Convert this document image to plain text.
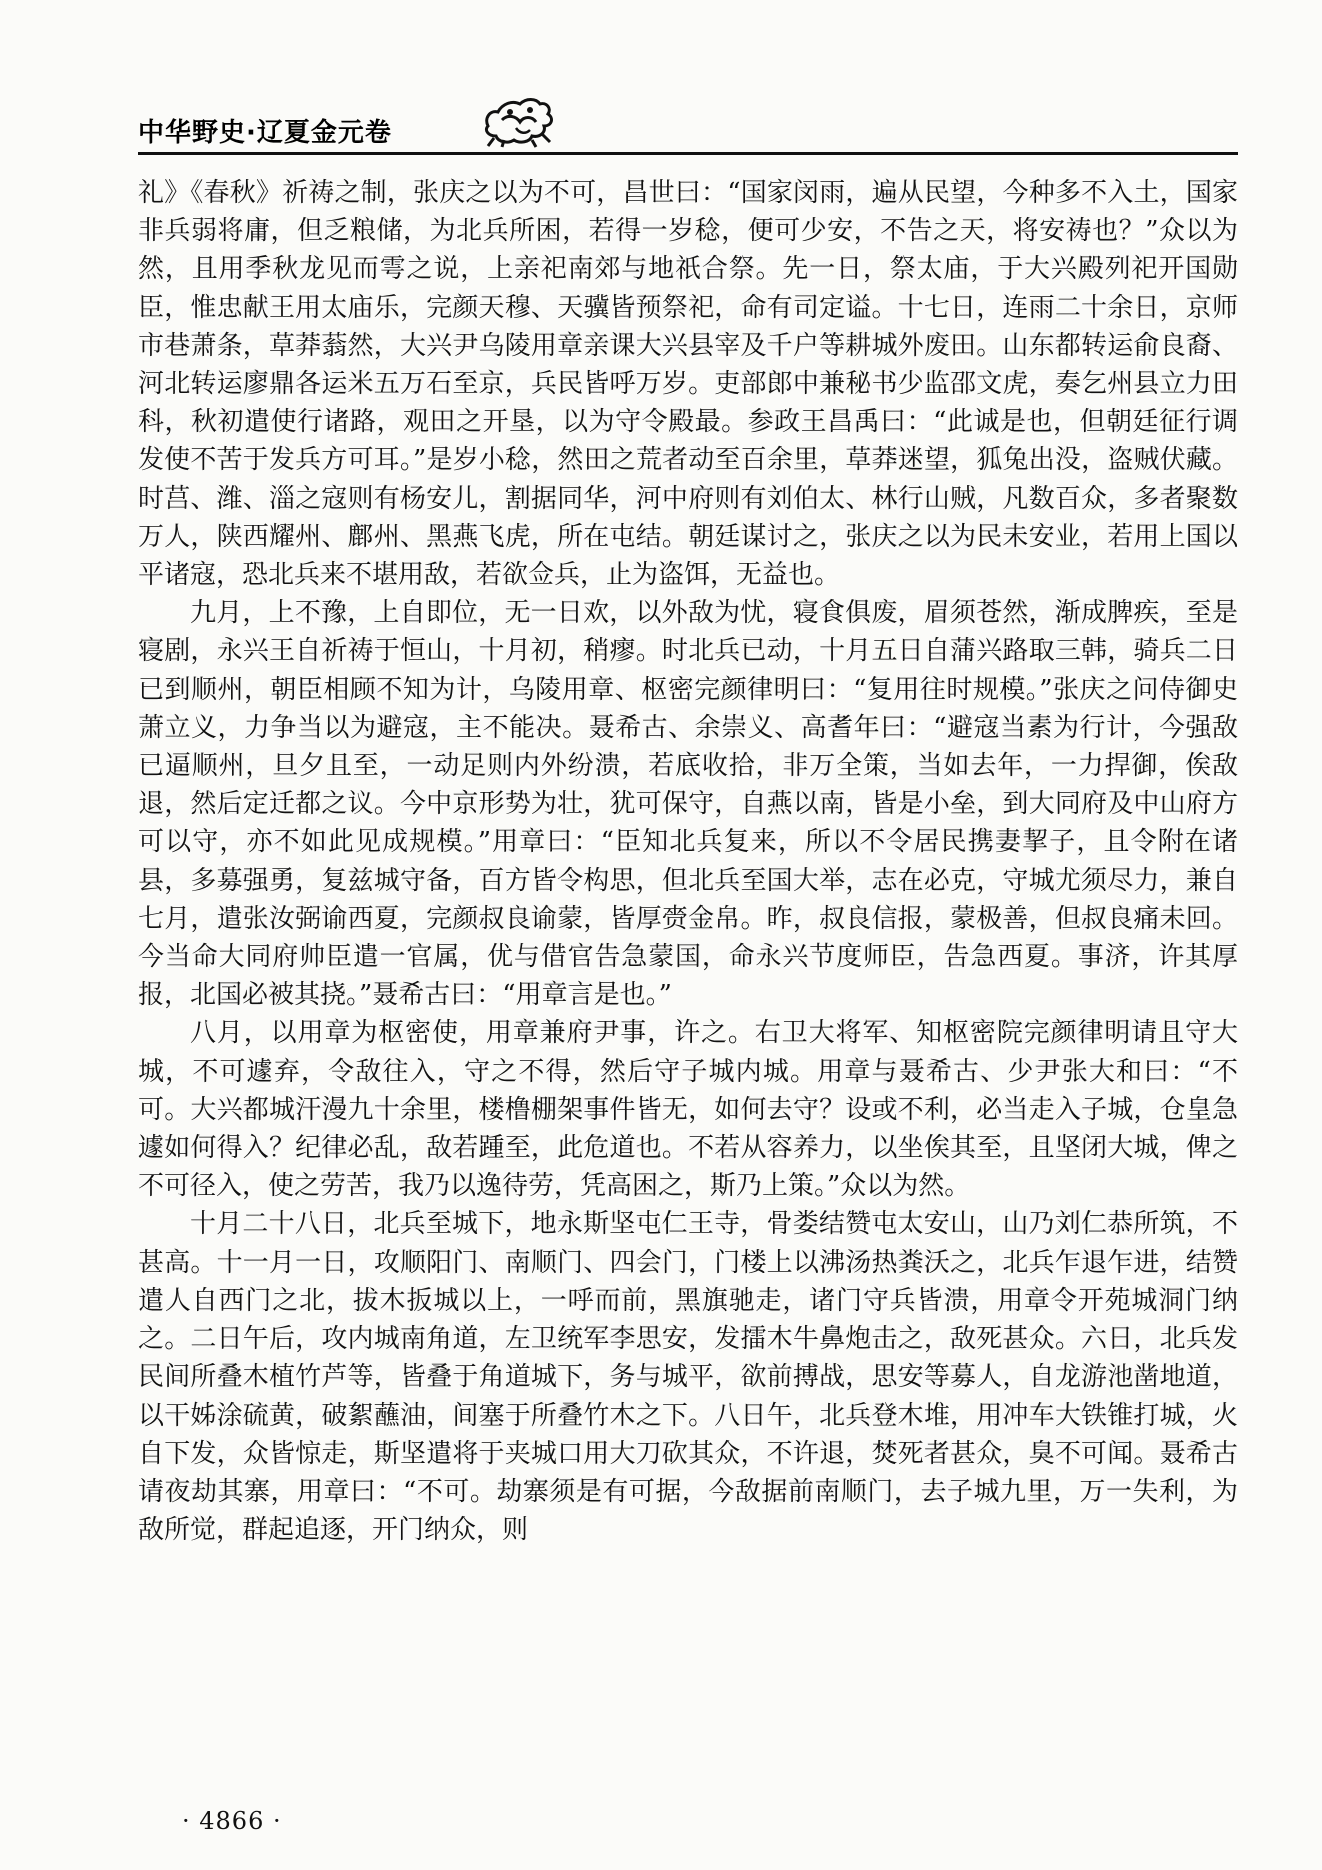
中华野史·辽夏金元卷

礼》《春秋》祈祷之制，张庆之以为不可，昌世曰：“国家闵雨，遍从民望，今种多不入土，国家非兵弱将庸，但乏粮储，为北兵所困，若得一岁稔，便可少安，不告之天，将安祷也？”众以为然，且用季秋龙见而雩之说，上亲祀南郊与地祇合祭。先一日，祭太庙，于大兴殿列祀开国勋臣，惟忠献王用太庙乐，完颜天穆、天骥皆预祭祀，命有司定谥。十七日，连雨二十余日，京师市巷萧条，草莽蓊然，大兴尹乌陵用章亲课大兴县宰及千户等耕城外废田。山东都转运俞良裔、河北转运廖鼎各运米五万石至京，兵民皆呼万岁。吏部郎中兼秘书少监邵文虎，奏乞州县立力田科，秋初遣使行诸路，观田之开垦，以为守令殿最。参政王昌禹曰：“此诚是也，但朝廷征行调发使不苦于发兵方可耳。”是岁小稔，然田之荒者动至百余里，草莽迷望，狐兔出没，盗贼伏藏。时莒、潍、淄之寇则有杨安儿，割据同华，河中府则有刘伯太、林行山贼，凡数百众，多者聚数万人，陕西耀州、鄜州、黑燕飞虎，所在屯结。朝廷谋讨之，张庆之以为民未安业，若用上国以平诸寇，恐北兵来不堪用敌，若欲佥兵，止为盗饵，无益也。

九月，上不豫，上自即位，无一日欢，以外敌为忧，寝食俱废，眉须苍然，渐成脾疾，至是寝剧，永兴王自祈祷于恒山，十月初，稍瘳。时北兵已动，十月五日自蒲兴路取三韩，骑兵二日已到顺州，朝臣相顾不知为计，乌陵用章、枢密完颜律明曰：“复用往时规模。”张庆之问侍御史萧立义，力争当以为避寇，主不能决。聂希古、余崇义、高耆年曰：“避寇当素为行计，今强敌已逼顺州，旦夕且至，一动足则内外纷溃，若底收拾，非万全策，当如去年，一力捍御，俟敌退，然后定迁都之议。今中京形势为壮，犹可保守，自燕以南，皆是小垒，到大同府及中山府方可以守，亦不如此见成规模。”用章曰：“臣知北兵复来，所以不令居民携妻挈子，且令附在诸县，多募强勇，复兹城守备，百方皆令构思，但北兵至国大举，志在必克，守城尤须尽力，兼自七月，遣张汝弼谕西夏，完颜叔良谕蒙，皆厚赍金帛。昨，叔良信报，蒙极善，但叔良痛未回。今当命大同府帅臣遣一官属，优与借官告急蒙国，命永兴节度师臣，告急西夏。事济，许其厚报，北国必被其挠。”聂希古曰：“用章言是也。”

八月，以用章为枢密使，用章兼府尹事，许之。右卫大将军、知枢密院完颜律明请且守大城，不可遽弃，令敌往入，守之不得，然后守子城内城。用章与聂希古、少尹张大和曰：“不可。大兴都城汗漫九十余里，楼橹棚架事件皆无，如何去守？设或不利，必当走入子城，仓皇急遽如何得入？纪律必乱，敌若踵至，此危道也。不若从容养力，以坐俟其至，且坚闭大城，俾之不可径入，使之劳苦，我乃以逸待劳，凭高困之，斯乃上策。”众以为然。

十月二十八日，北兵至城下，地永斯坚屯仁王寺，骨娄结赞屯太安山，山乃刘仁恭所筑，不甚高。十一月一日，攻顺阳门、南顺门、四会门，门楼上以沸汤热粪沃之，北兵乍退乍进，结赞遣人自西门之北，拔木扳城以上，一呼而前，黑旗驰走，诸门守兵皆溃，用章令开苑城洞门纳之。二日午后，攻内城南角道，左卫统军李思安，发擂木牛鼻炮击之，敌死甚众。六日，北兵发民间所叠木植竹芦等，皆叠于角道城下，务与城平，欲前搏战，思安等募人，自龙游池凿地道，以干姊涂硫黄，破絮蘸油，间塞于所叠竹木之下。八日午，北兵登木堆，用冲车大铁锥打城，火自下发，众皆惊走，斯坚遣将于夹城口用大刀砍其众，不许退，焚死者甚众，臭不可闻。聂希古请夜劫其寨，用章曰：“不可。劫寨须是有可据，今敌据前南顺门，去子城九里，万一失利，为敌所觉，群起追逐，开门纳众，则

· 4866 ·
